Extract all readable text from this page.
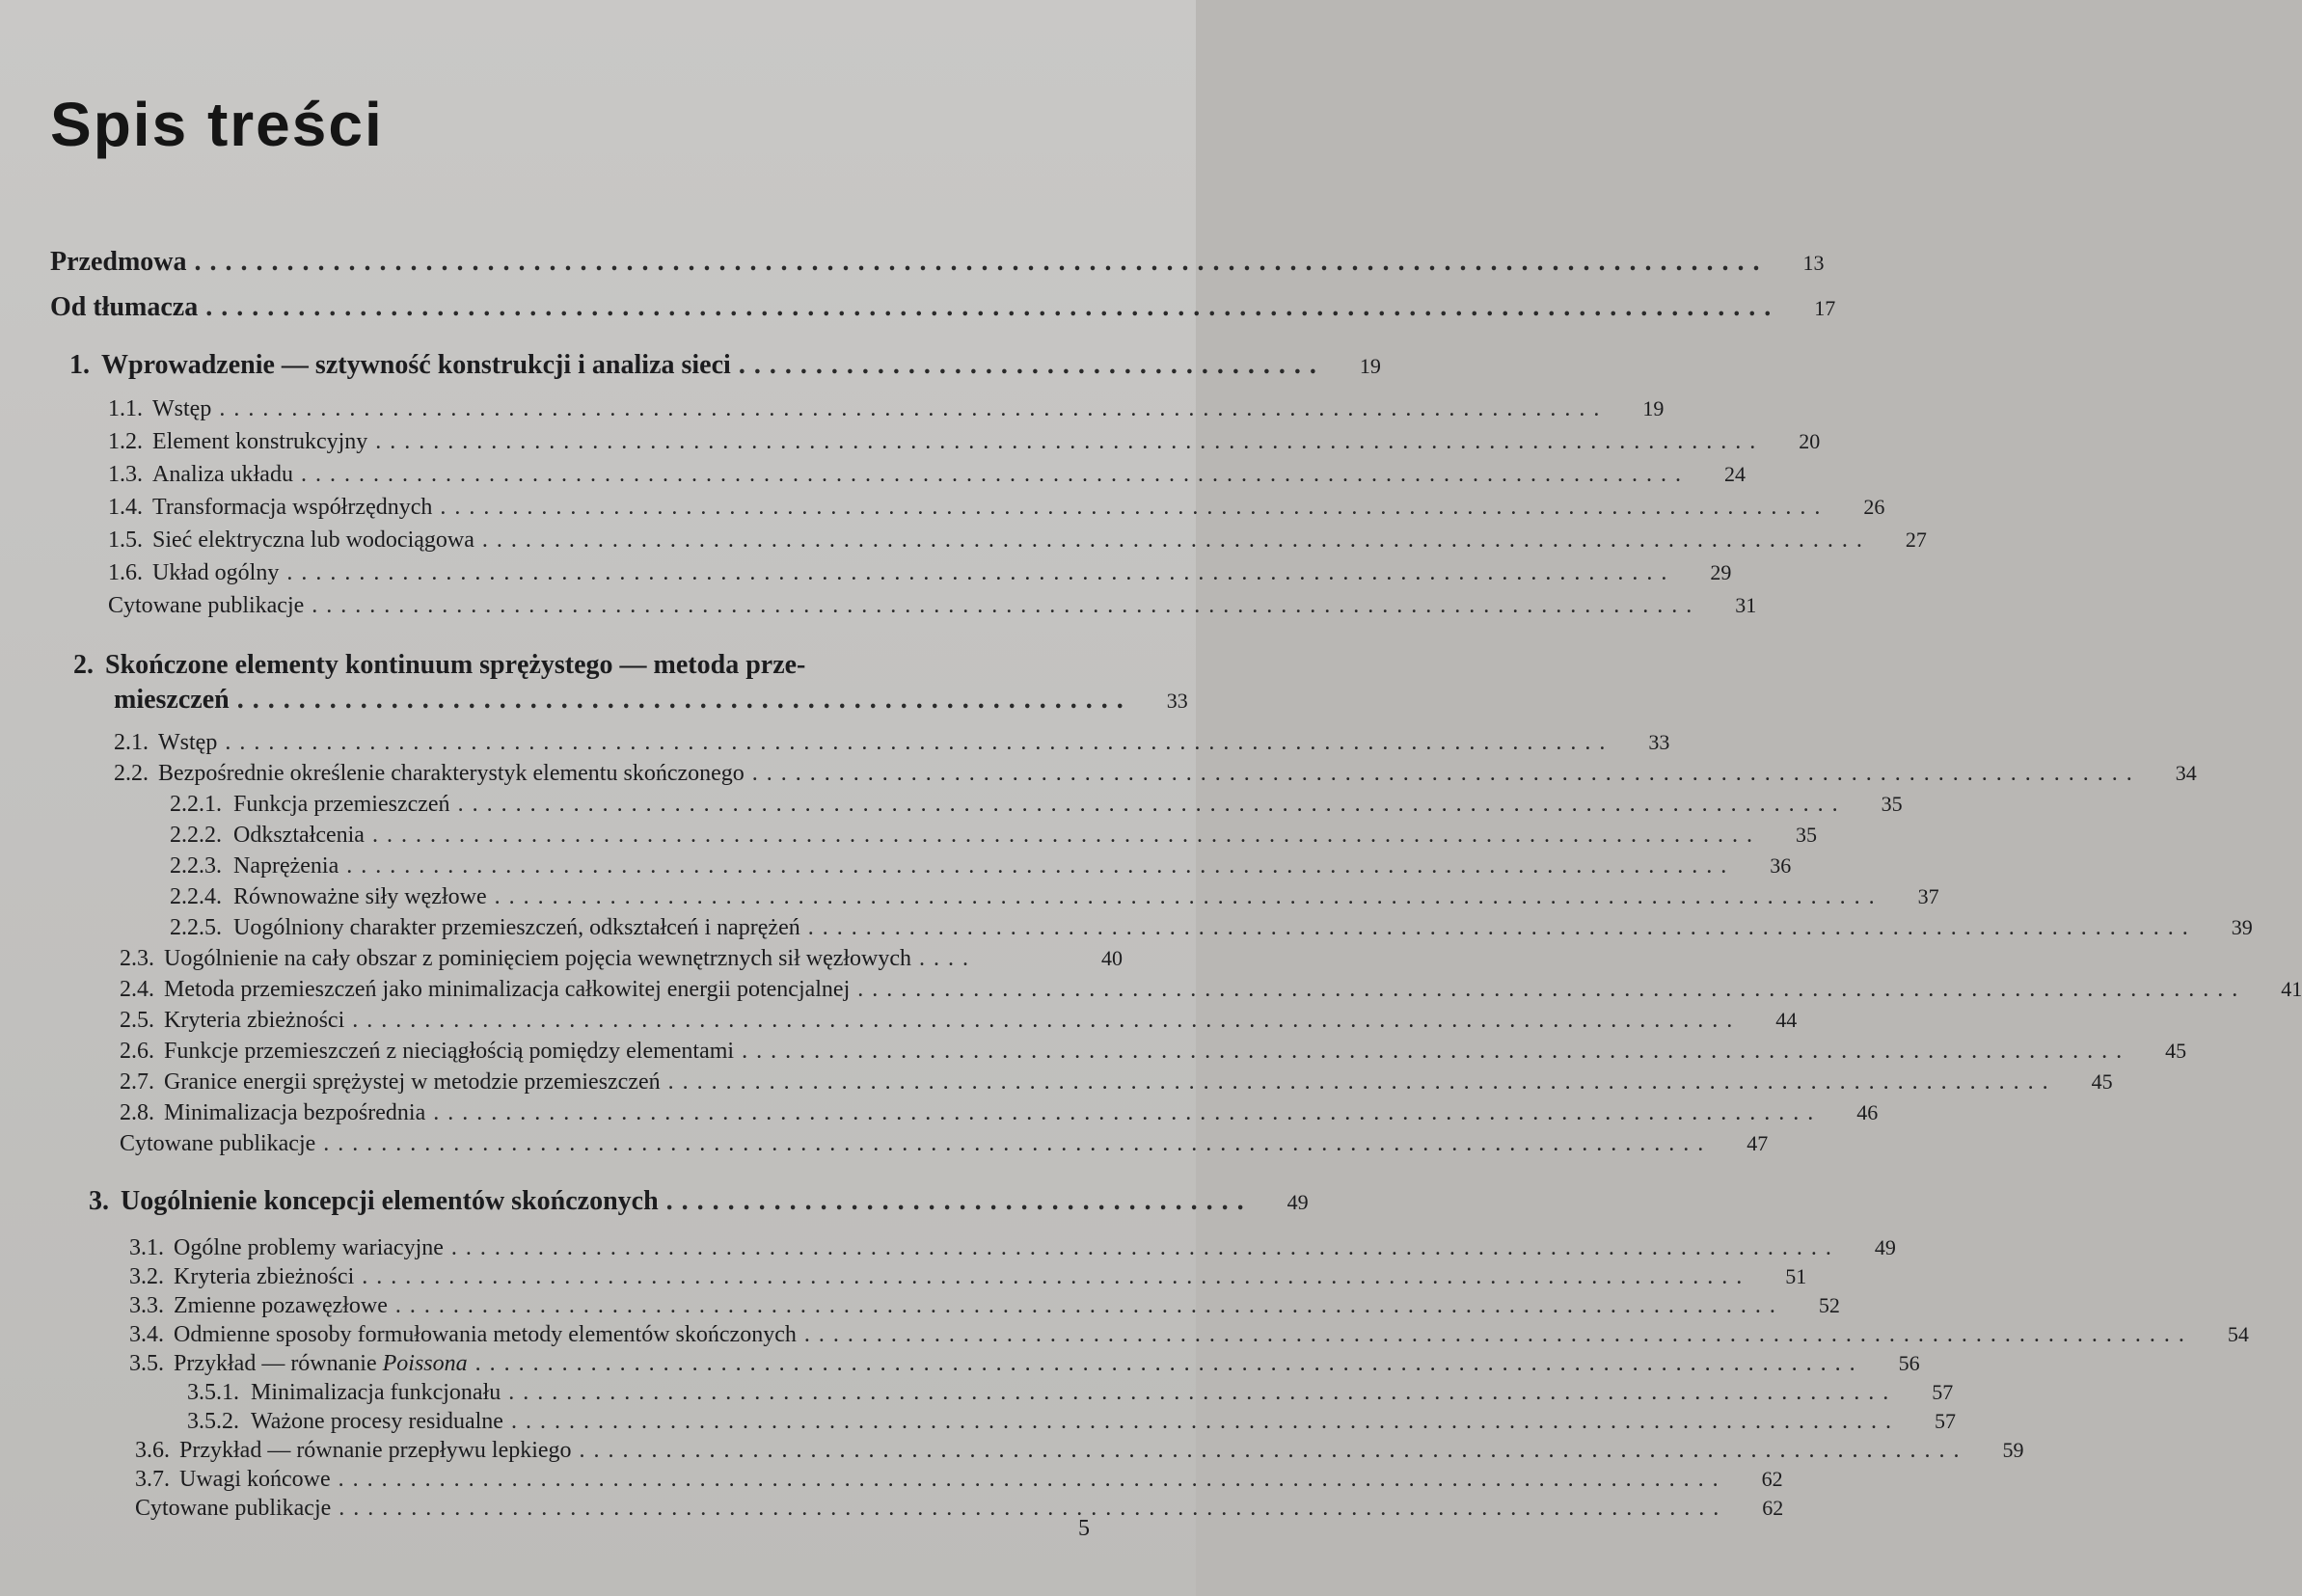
Spis treści
Przedmowa ......................................................................................................	13
Od tłumacza ......................................................................................................	17
1. Wprowadzenie — sztywność konstrukcji i analiza sieci ......................................	19
1.1. Wstęp ................................................................................................	19
1.2. Element konstrukcyjny ................................................................................................	20
1.3. Analiza układu ................................................................................................	24
1.4. Transformacja współrzędnych ................................................................................................	26
1.5. Sieć elektryczna lub wodociągowa ................................................................................................	27
1.6. Układ ogólny ................................................................................................	29
Cytowane publikacje ................................................................................................	31
2. Skończone elementy kontinuum sprężystego — metoda prze-
mieszczeń ..........................................................	33
2.1. Wstęp ................................................................................................	33
2.2. Bezpośrednie określenie charakterystyk elementu skończonego ................................................................................................	34
2.2.1. Funkcja przemieszczeń ................................................................................................	35
2.2.2. Odkształcenia ................................................................................................	35
2.2.3. Naprężenia ................................................................................................	36
2.2.4. Równoważne siły węzłowe ................................................................................................	37
2.2.5. Uogólniony charakter przemieszczeń, odkształceń i naprężeń ................................................................................................	39
2.3. Uogólnienie na cały obszar z pominięciem pojęcia wewnętrznych sił węzłowych ....	40
2.4. Metoda przemieszczeń jako minimalizacja całkowitej energii potencjalnej ................................................................................................	41
2.5. Kryteria zbieżności ................................................................................................	44
2.6. Funkcje przemieszczeń z nieciągłością pomiędzy elementami ................................................................................................	45
2.7. Granice energii sprężystej w metodzie przemieszczeń ................................................................................................	45
2.8. Minimalizacja bezpośrednia ................................................................................................	46
Cytowane publikacje ................................................................................................	47
3. Uogólnienie koncepcji elementów skończonych ......................................	49
3.1. Ogólne problemy wariacyjne ................................................................................................	49
3.2. Kryteria zbieżności ................................................................................................	51
3.3. Zmienne pozawęzłowe ................................................................................................	52
3.4. Odmienne sposoby formułowania metody elementów skończonych ................................................................................................	54
3.5. Przykład — równanie Poissona ................................................................................................	56
3.5.1. Minimalizacja funkcjonału ................................................................................................	57
3.5.2. Ważone procesy residualne ................................................................................................	57
3.6. Przykład — równanie przepływu lepkiego ................................................................................................	59
3.7. Uwagi końcowe ................................................................................................	62
Cytowane publikacje ................................................................................................	62
5
